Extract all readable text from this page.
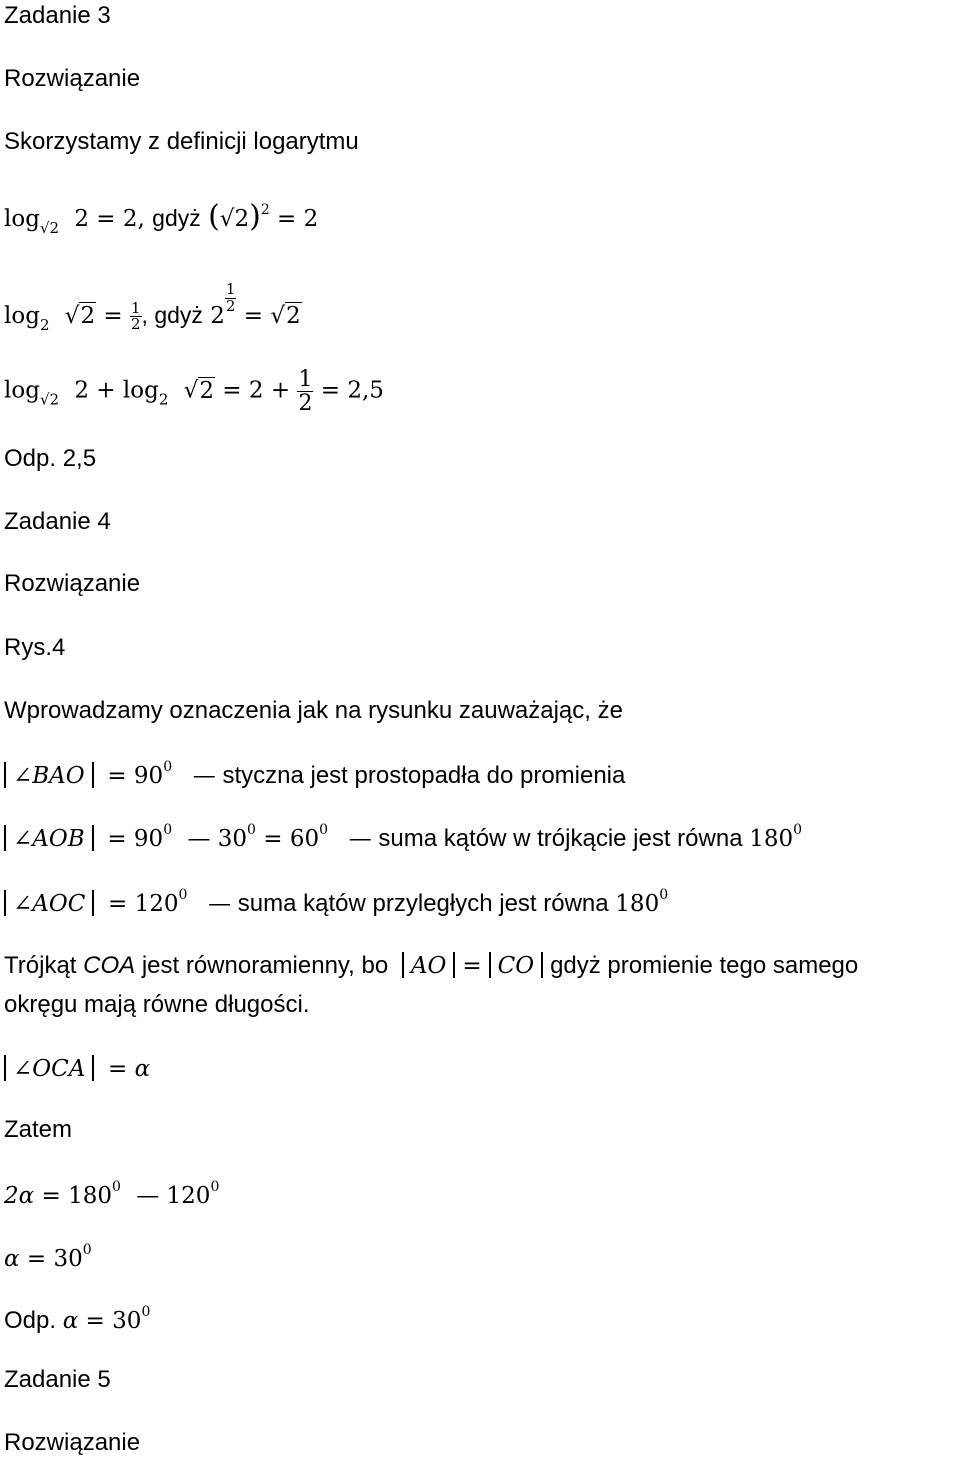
Zadanie 3
Rozwiązanie
Skorzystamy z definicji logarytmu
$\log_{√2} 2 = 2$, gdyż $(√2)^2 = 2$
$\log_2 √2 = \frac{1}{2}$ , gdyż 2
$\frac{1}{2}$
= √2
$\log_{√2} 2 + \log_2 √2 = 2 + \frac{1}{2} = 2,5$
Odp. 2,5
Zadanie 4
Rozwiązanie
Rys.4
Wprowadzamy oznaczenia jak na rysunku zauważając, że
∠BAO = $90^0$ — styczna jest prostopadła do promienia
∠AOB = $90^0$ — $30^0 = 60^0$ — suma kątów w trójkącie jest równa $180^0$
∠AOC = $120^0$ — suma kątów przyległych jest równa $180^0$
Trójkąt COA jest równoramienny, bo AO = CO gdyż promienie tego samego
okręgu mają równe długości.
∠OCA = α
Zatem
$2\alpha = 180^0$ — $120^0$
$\alpha = 30^0$
Odp. $\alpha = 30^0$
Zadanie 5
Rozwiązanie
